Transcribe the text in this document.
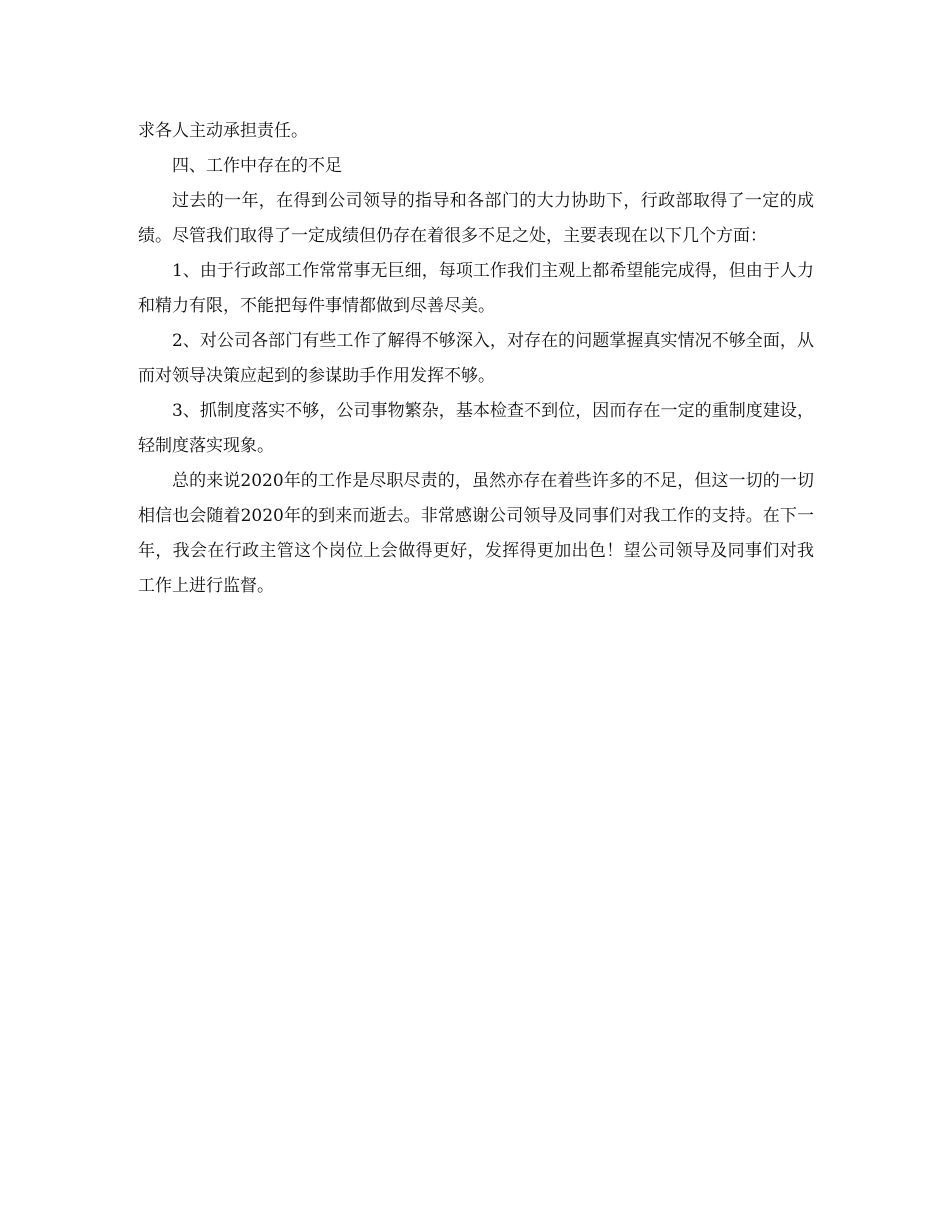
求各人主动承担责任。

四、工作中存在的不足

过去的一年，在得到公司领导的指导和各部门的大力协助下，行政部取得了一定的成绩。尽管我们取得了一定成绩但仍存在着很多不足之处，主要表现在以下几个方面：

1、由于行政部工作常常事无巨细，每项工作我们主观上都希望能完成得，但由于人力和精力有限，不能把每件事情都做到尽善尽美。

2、对公司各部门有些工作了解得不够深入，对存在的问题掌握真实情况不够全面，从而对领导决策应起到的参谋助手作用发挥不够。

3、抓制度落实不够，公司事物繁杂，基本检查不到位，因而存在一定的重制度建设，轻制度落实现象。

总的来说2020年的工作是尽职尽责的，虽然亦存在着些许多的不足，但这一切的一切相信也会随着2020年的到来而逝去。非常感谢公司领导及同事们对我工作的支持。在下一年，我会在行政主管这个岗位上会做得更好，发挥得更加出色！望公司领导及同事们对我工作上进行监督。
